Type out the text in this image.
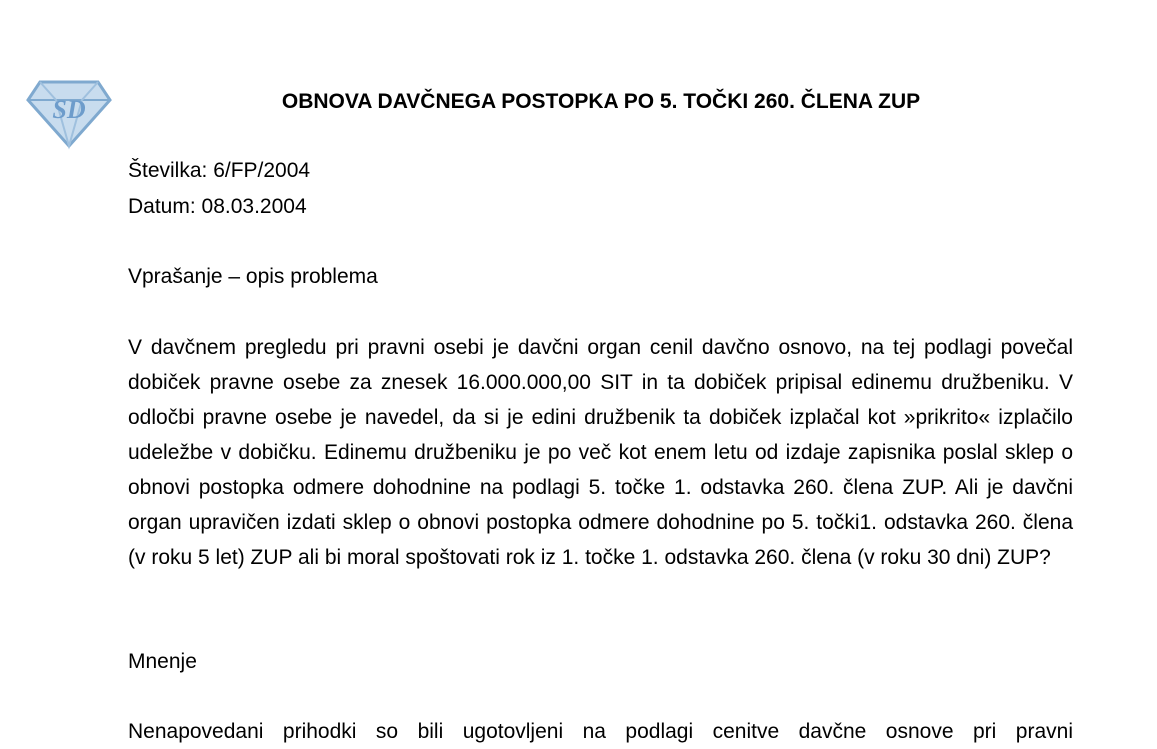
SD	OBNOVA DAVČNEGA POSTOPKA PO 5. TOČKI 260. ČLENA ZUP

Številka: 6/FP/2004

Datum: 08.03.2004

Vprašanje – opis problema

V davčnem pregledu pri pravni osebi je davčni organ cenil davčno osnovo, na tej podlagi povečal dobiček pravne osebe za znesek 16.000.000,00 SIT in ta dobiček pripisal edinemu družbeniku. V odločbi pravne osebe je navedel, da si je edini družbenik ta dobiček izplačal kot »prikrito« izplačilo udeležbe v dobičku. Edinemu družbeniku je po več kot enem letu od izdaje zapisnika poslal sklep o obnovi postopka odmere dohodnine na podlagi 5. točke 1. odstavka 260. člena ZUP. Ali je davčni organ upravičen izdati sklep o obnovi postopka odmere dohodnine po 5. točki1. odstavka 260. člena (v roku 5 let) ZUP ali bi moral spoštovati rok iz 1. točke 1. odstavka 260. člena (v roku 30 dni) ZUP?

Mnenje

Nenapovedani prihodki so bili ugotovljeni na podlagi cenitve davčne osnove pri pravni
